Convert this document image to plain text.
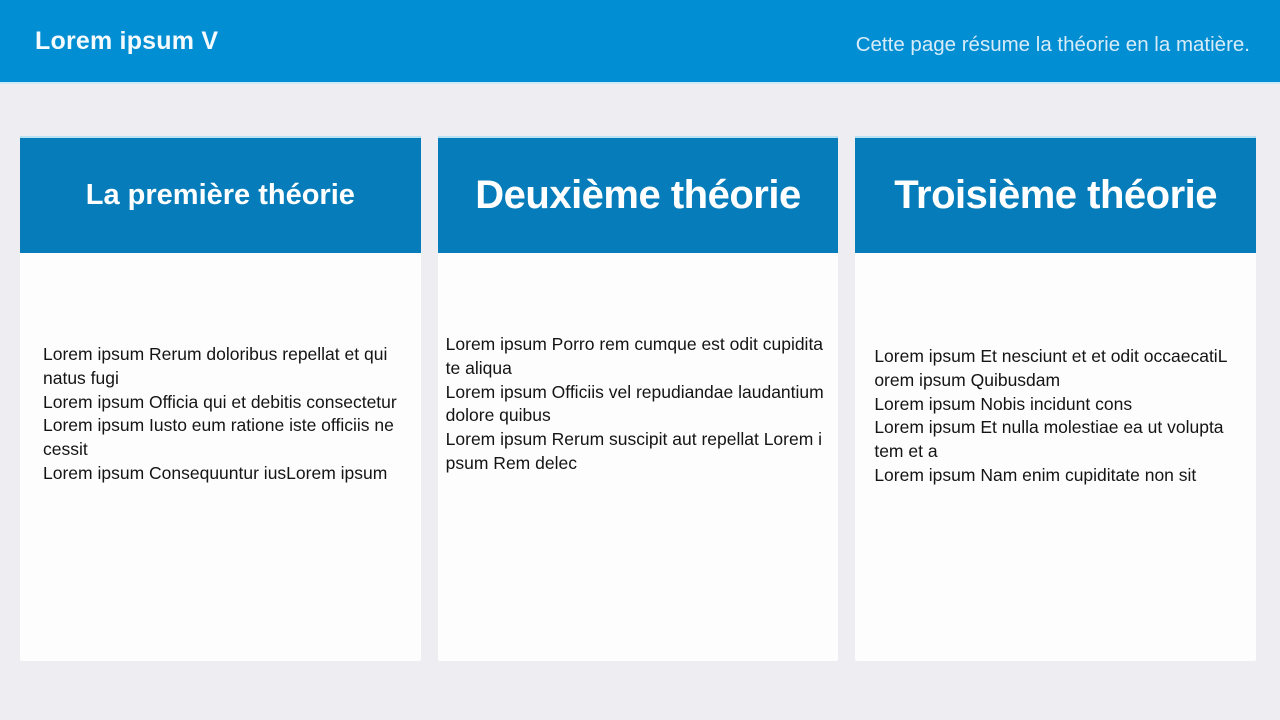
Lorem ipsum V	Cette page résume la théorie en la matière.
La première théorie

Lorem ipsum Rerum doloribus repellat et qui natus fugi

Lorem ipsum Officia qui et debitis consectetur

Lorem ipsum Iusto eum ratione iste officiis necessit

Lorem ipsum Consequuntur iusLorem ipsum

Deuxième théorie

Lorem ipsum Porro rem cumque est odit cupiditate aliqua

Lorem ipsum Officiis vel repudiandae laudantium dolore quibus

Lorem ipsum Rerum suscipit aut repellat Lorem ipsum Rem delec

Troisième théorie

Lorem ipsum Et nesciunt et et odit occaecatiLorem ipsum Quibusdam

Lorem ipsum Nobis incidunt cons

Lorem ipsum Et nulla molestiae ea ut voluptatem et a

Lorem ipsum Nam enim cupiditate non sit
